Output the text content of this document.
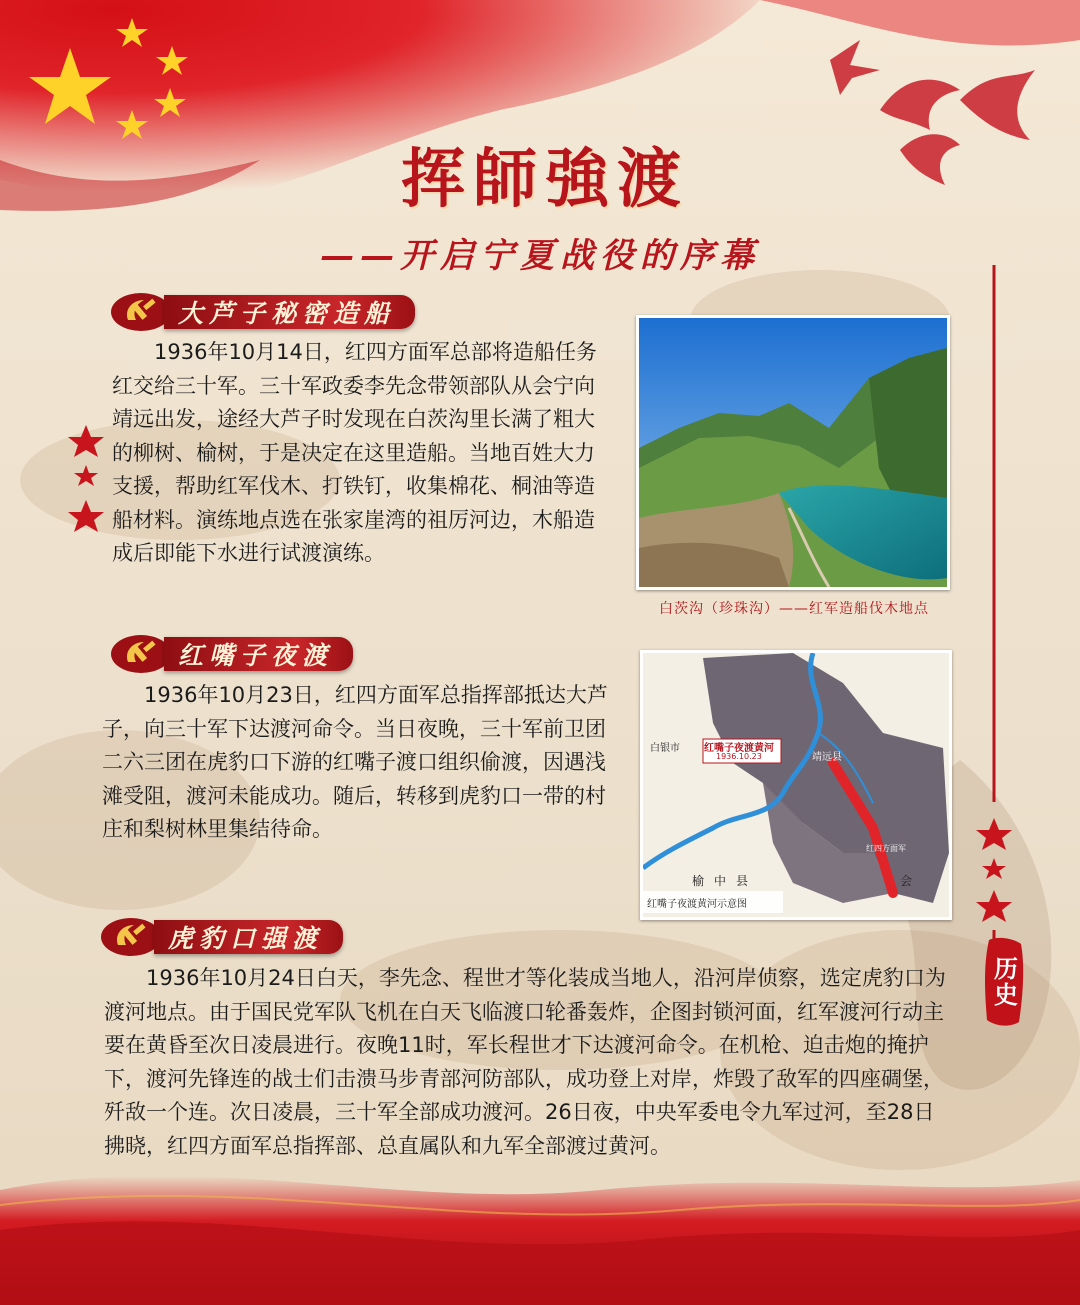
挥師強渡
——开启宁夏战役的序幕
大芦子秘密造船

1936年10月14日，红四方面军总部将造船任务红交给三十军。三十军政委李先念带领部队从会宁向靖远出发，途经大芦子时发现在白茨沟里长满了粗大的柳树、榆树，于是决定在这里造船。当地百姓大力支援，帮助红军伐木、打铁钉，收集棉花、桐油等造船材料。演练地点选在张家崖湾的祖厉河边，木船造成后即能下水进行试渡演练。

白茨沟（珍珠沟）——红军造船伐木地点
红嘴子夜渡

1936年10月23日，红四方面军总指挥部抵达大芦子，向三十军下达渡河命令。当日夜晚，三十军前卫团二六三团在虎豹口下游的红嘴子渡口组织偷渡，因遇浅滩受阻，渡河未能成功。随后，转移到虎豹口一带的村庄和梨树林里集结待命。

红嘴子夜渡黄河
1936.10.23
白银市
靖远县
榆中县	会
红四方面军
红嘴子夜渡黄河示意图
虎豹口强渡

1936年10月24日白天，李先念、程世才等化装成当地人，沿河岸侦察，选定虎豹口为渡河地点。由于国民党军队飞机在白天飞临渡口轮番轰炸，企图封锁河面，红军渡河行动主要在黄昏至次日凌晨进行。夜晚11时，军长程世才下达渡河命令。在机枪、迫击炮的掩护下，渡河先锋连的战士们击溃马步青部河防部队，成功登上对岸，炸毁了敌军的四座碉堡，歼敌一个连。次日凌晨，三十军全部成功渡河。26日夜，中央军委电令九军过河，至28日拂晓，红四方面军总指挥部、总直属队和九军全部渡过黄河。

历史
